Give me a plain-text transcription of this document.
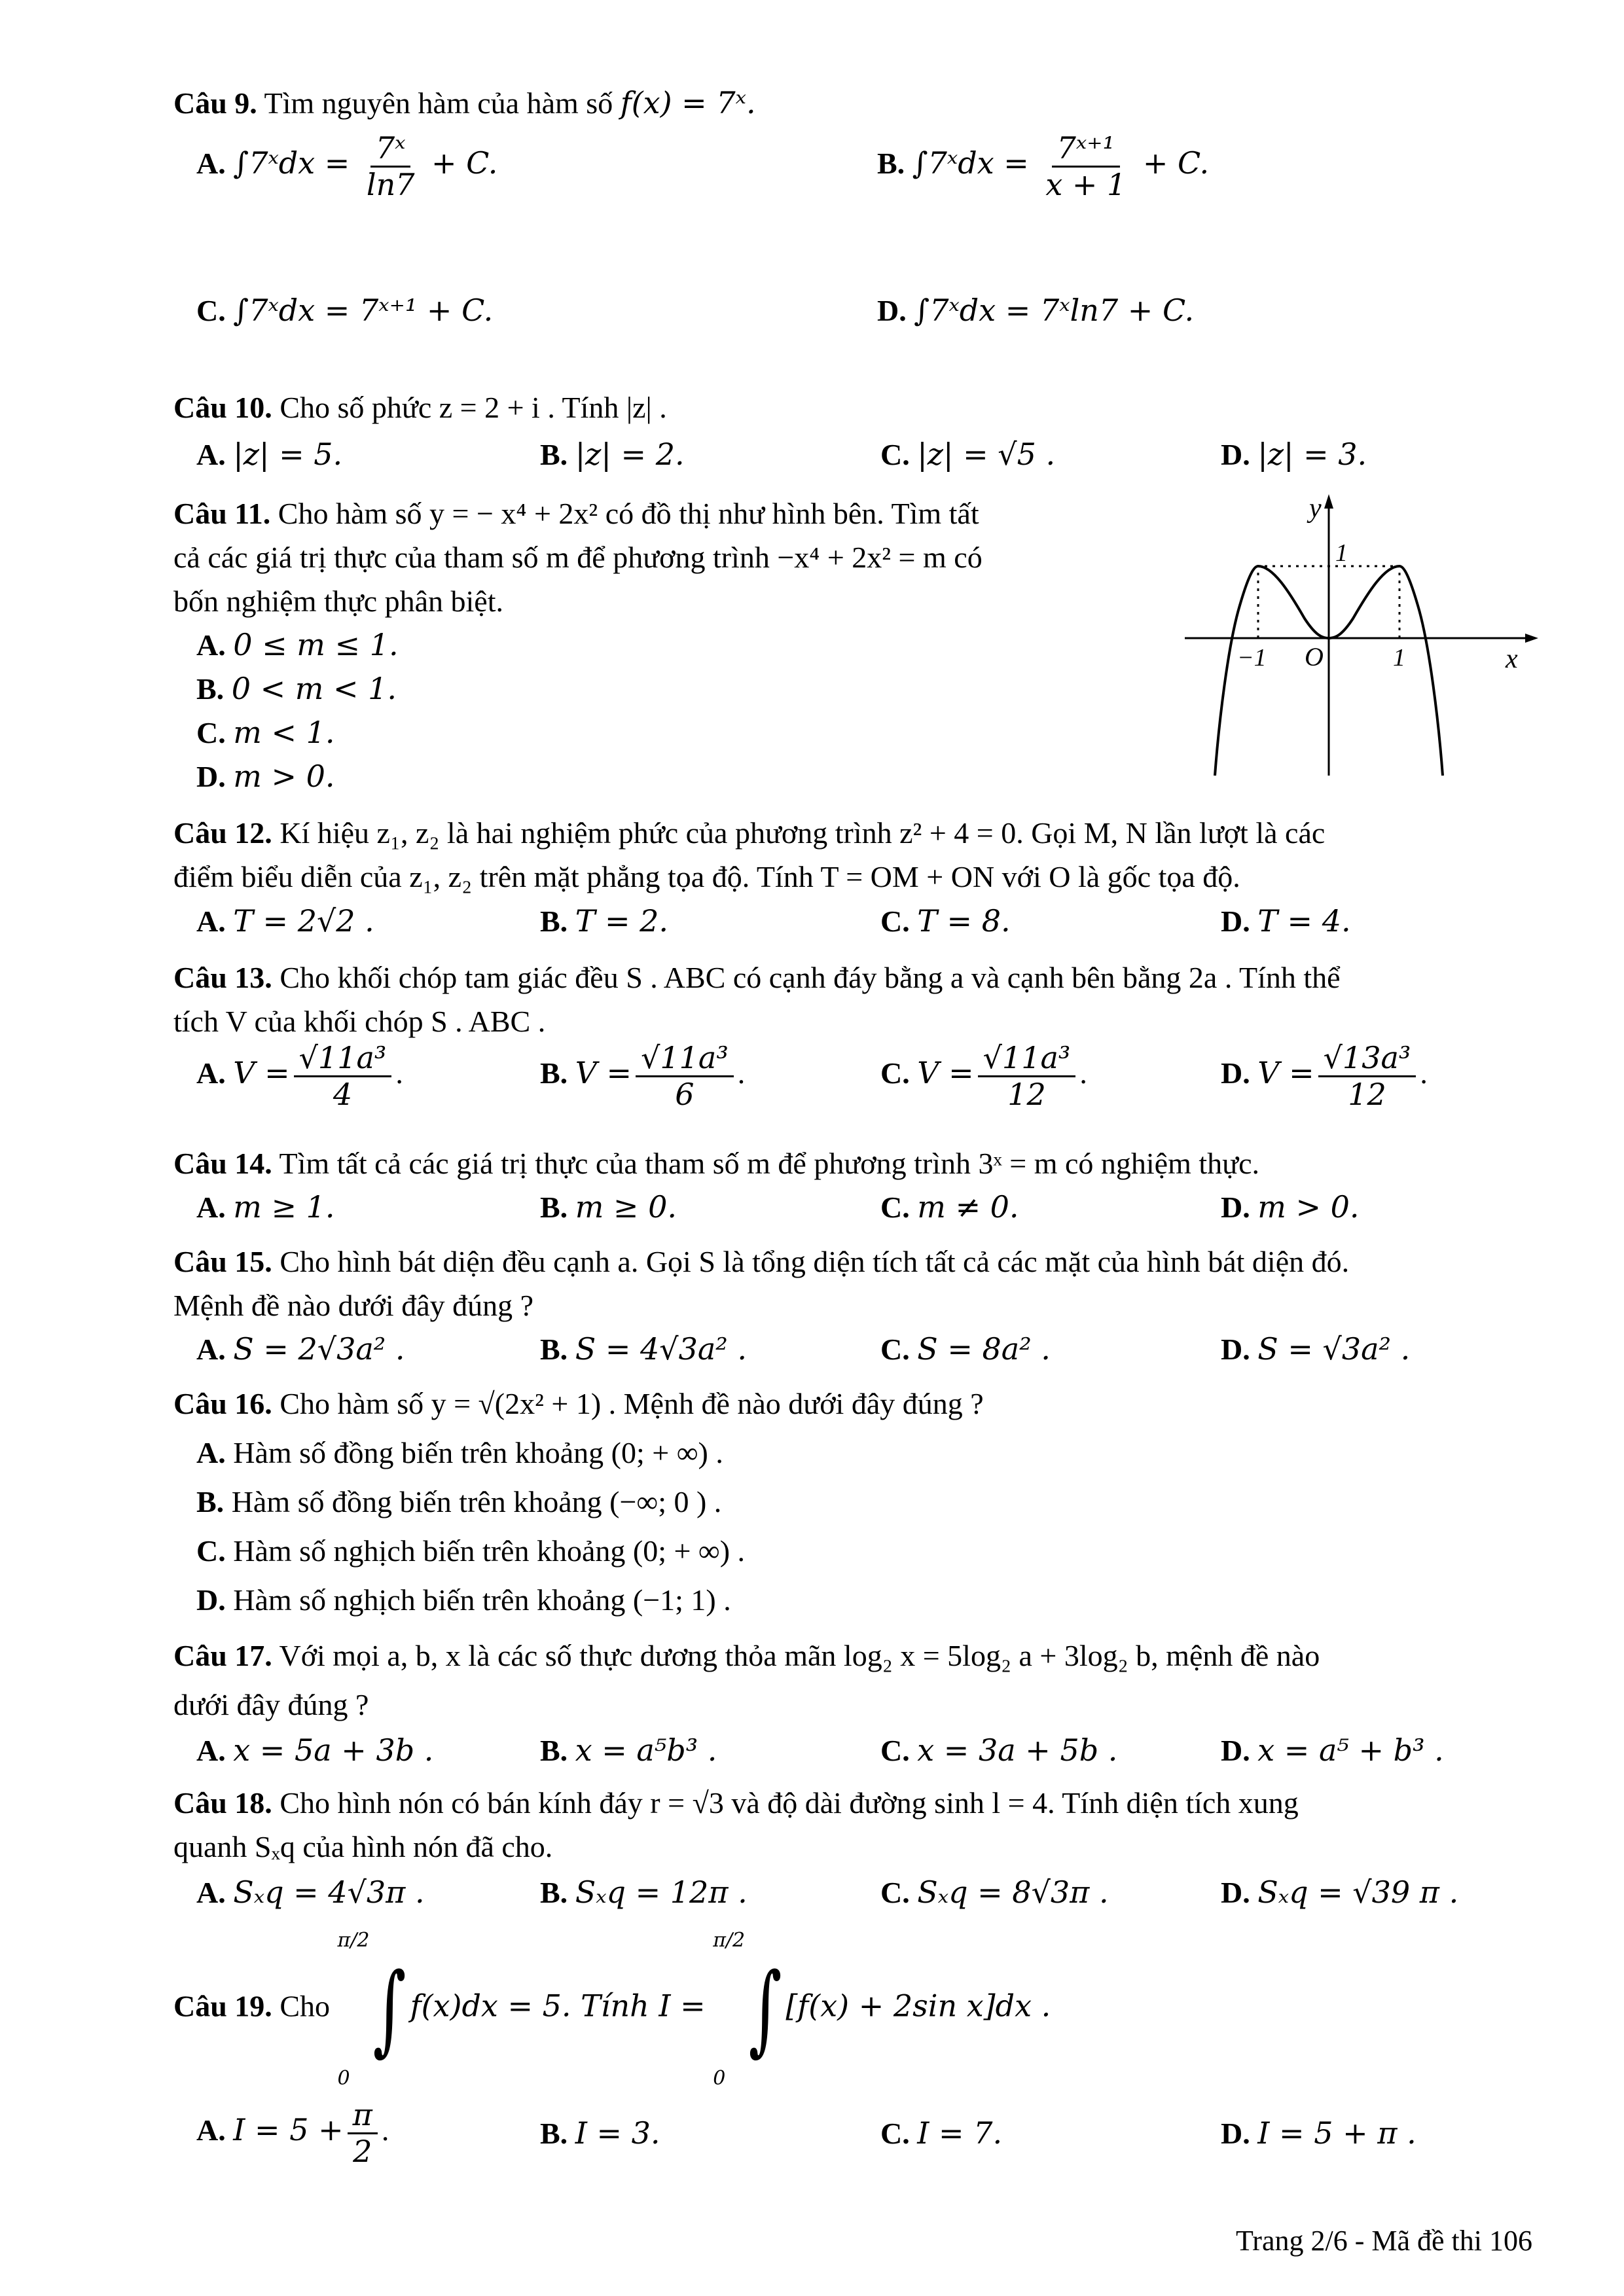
Câu 9. Tìm nguyên hàm của hàm số f(x) = 7ˣ.
A. ∫7ˣdx = $\frac{\text{7ˣ}}{\ln 7} + C$.	B. ∫7ˣdx = $\frac{\text{7ˣ⁺¹}}{x + 1} + C$.
C. ∫7ˣdx = 7ˣ⁺¹ + C.	D. ∫7ˣdx = 7ˣln7 + C.
Câu 10. Cho số phức z = 2 + i . Tính |z| .
A. |z| = 5.	B. |z| = 2.	C. |z| = √5 .	D. |z| = 3.
Câu 11. Cho hàm số y = − x⁴ + 2x² có đồ thị như hình bên. Tìm tất
cả các giá trị thực của tham số m để phương trình −x⁴ + 2x² = m có
bốn nghiệm thực phân biệt.
A. 0 ≤ m ≤ 1.
B. 0 < m < 1.
C. m < 1.
D. m > 0.
y
1
−1 O	1	x
Câu 12. Kí hiệu z₁, z₂ là hai nghiệm phức của phương trình z² + 4 = 0. Gọi M, N lần lượt là các
điểm biểu diễn của z₁, z₂ trên mặt phẳng tọa độ. Tính T = OM + ON với O là gốc tọa độ.
A. T = 2√2 .	B. T = 2.	C. T = 8.	D. T = 4.
Câu 13. Cho khối chóp tam giác đều S . ABC có cạnh đáy bằng a và cạnh bên bằng 2a . Tính thể
tích V của khối chóp S . ABC .
A. $V = \frac{\text{√11a³}}{4}$ .	B. $V = \frac{\text{√11a³}}{6}$ .	C. $V = \frac{\text{√11a³}}{12}$ .	D. $V = \frac{\text{√13a³}}{12}$ .
Câu 14. Tìm tất cả các giá trị thực của tham số m để phương trình 3ˣ = m có nghiệm thực.
A. m ≥ 1.	B. m ≥ 0.	C. m ≠ 0.	D. m > 0.
Câu 15. Cho hình bát diện đều cạnh a. Gọi S là tổng diện tích tất cả các mặt của hình bát diện đó.
Mệnh đề nào dưới đây đúng ?
A. S = 2√3a² .	B. S = 4√3a² .	C. S = 8a² .	D. S = √3a² .
Câu 16. Cho hàm số y = √(2x² + 1) . Mệnh đề nào dưới đây đúng ?
A. Hàm số đồng biến trên khoảng (0; + ∞) .
B. Hàm số đồng biến trên khoảng (−∞; 0 ) .
C. Hàm số nghịch biến trên khoảng (0; + ∞) .
D. Hàm số nghịch biến trên khoảng (−1; 1) .
Câu 17. Với mọi a, b, x là các số thực dương thỏa mãn log₂ x = 5log₂ a + 3log₂ b, mệnh đề nào
dưới đây đúng ?
A. x = 5a + 3b .	B. x = a⁵b³ .	C. x = 3a + 5b .	D. x = a⁵ + b³ .
Câu 18. Cho hình nón có bán kính đáy r = √3 và độ dài đường sinh l = 4. Tính diện tích xung
quanh Sₓq của hình nón đã cho.
A. Sₓq = 4√3π .	B. Sₓq = 12π .	C. Sₓq = 8√3π .	D. Sₓq = √39 π .
Câu 19. Cho
π/2
0
∫ f(x)dx = 5. Tính I =
π/2
0
∫ [f(x) + 2sin x]dx .
A. $I = 5 + \frac{\pi}{2}$ .	B. I = 3.	C. I = 7.	D. I = 5 + π .
Trang 2/6 - Mã đề thi 106
